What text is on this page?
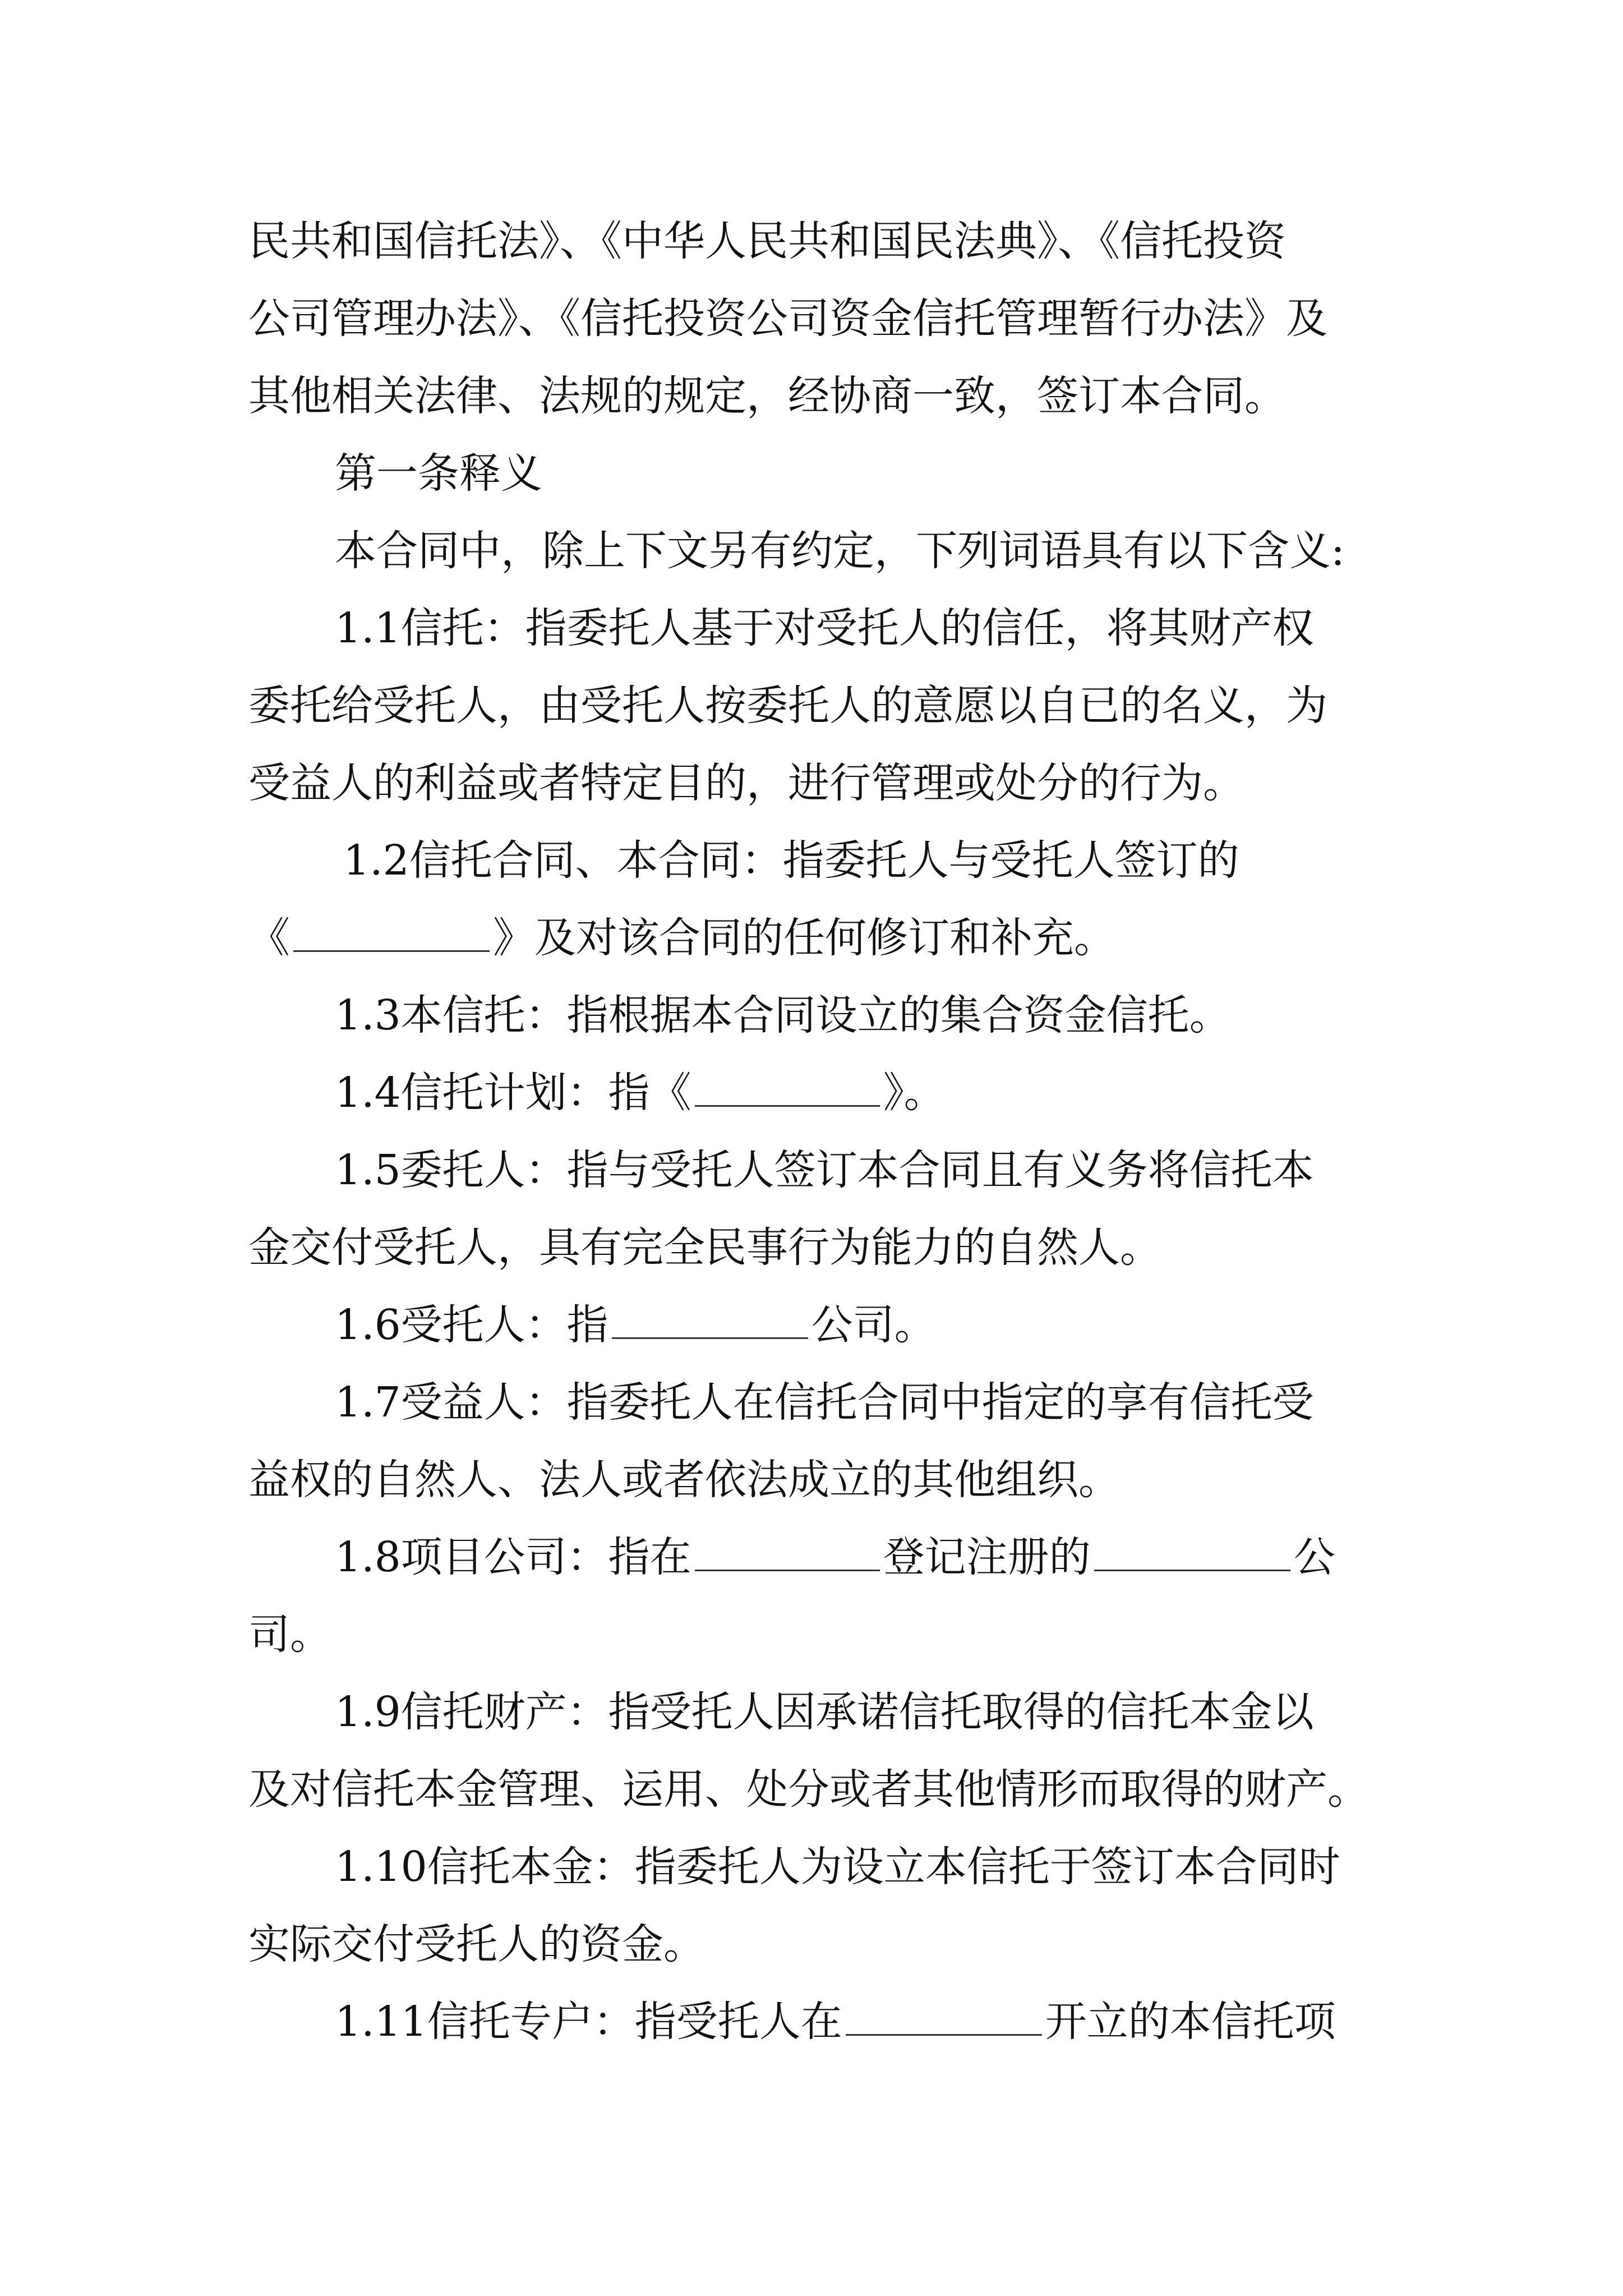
民共和国信托法》、《中华人民共和国民法典》、《信托投资
公司管理办法》、《信托投资公司资金信托管理暂行办法》及
其他相关法律、法规的规定，经协商一致，签订本合同。
第一条释义
本合同中，除上下文另有约定，下列词语具有以下含义:
1.1信托：指委托人基于对受托人的信任，将其财产权
委托给受托人，由受托人按委托人的意愿以自已的名义，为
受益人的利益或者特定目的，进行管理或处分的行为。
1.2信托合同、本合同：指委托人与受托人签订的
《	》及对该合同的任何修订和补充。
1.3本信托：指根据本合同设立的集合资金信托。
1.4信托计划：指《	》。
1.5委托人：指与受托人签订本合同且有义务将信托本
金交付受托人，具有完全民事行为能力的自然人。
1.6受托人：指	公司。
1.7受益人：指委托人在信托合同中指定的享有信托受
益权的自然人、法人或者依法成立的其他组织。
1.8项目公司：指在	登记注册的	公
司。
1.9信托财产：指受托人因承诺信托取得的信托本金以
及对信托本金管理、运用、处分或者其他情形而取得的财产。
1.10信托本金：指委托人为设立本信托于签订本合同时
实际交付受托人的资金。
1.11信托专户：指受托人在	开立的本信托项
